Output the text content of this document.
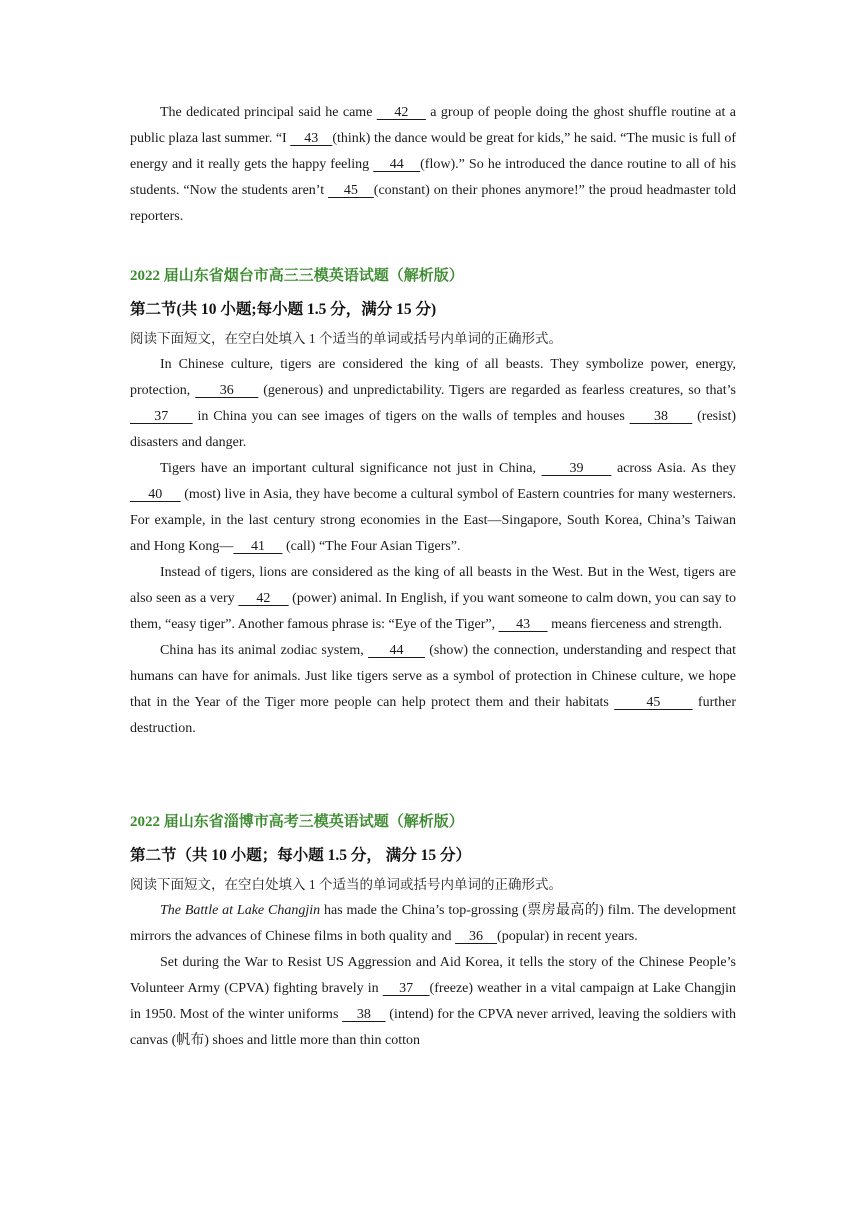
The dedicated principal said he came     42     a group of people doing the ghost shuffle routine at a public plaza last summer. “I     43    (think) the dance would be great for kids,” he said. “The music is full of energy and it really gets the happy feeling     44    (flow).” So he introduced the dance routine to all of his students. “Now the students aren’t     45    (constant) on their phones anymore!” the proud headmaster told reporters.

2022 届山东省烟台市高三三模英语试题（解析版）
第二节(共 10 小题;每小题 1.5 分，满分 15 分)

阅读下面短文，在空白处填入 1 个适当的单词或括号内单词的正确形式。

In Chinese culture, tigers are considered the king of all beasts. They symbolize power, energy, protection,      36      (generous) and unpredictability. Tigers are regarded as fearless creatures, so that’s      37      in China you can see images of tigers on the walls of temples and houses      38      (resist) disasters and danger.

Tigers have an important cultural significance not just in China,      39      across Asia. As they      40      (most) live in Asia, they have become a cultural symbol of Eastern countries for many westerners. For example, in the last century strong economies in the East—Singapore, South Korea, China’s Taiwan and Hong Kong—     41      (call) “The Four Asian Tigers”.

Instead of tigers, lions are considered as the king of all beasts in the West. But in the West, tigers are also seen as a very      42      (power) animal. In English, if you want someone to calm down, you can say to them, “easy tiger”. Another famous phrase is: “Eye of the Tiger”,      43      means fierceness and strength.

China has its animal zodiac system,      44      (show) the connection, understanding and respect that humans can have for animals. Just like tigers serve as a symbol of protection in Chinese culture, we hope that in the Year of the Tiger more people can help protect them and their habitats       45       further destruction.

2022 届山东省淄博市高考三模英语试题（解析版）
第二节（共 10 小题；每小题 1.5 分， 满分 15 分）

阅读下面短文，在空白处填入 1 个适当的单词或括号内单词的正确形式。

The Battle at Lake Changjin has made the China’s top-grossing (票房最高的) film. The development mirrors the advances of Chinese films in both quality and     36    (popular) in recent years.

Set during the War to Resist US Aggression and Aid Korea, it tells the story of the Chinese People’s Volunteer Army (CPVA) fighting bravely in     37    (freeze) weather in a vital campaign at Lake Changjin in 1950. Most of the winter uniforms     38     (intend) for the CPVA never arrived, leaving the soldiers with canvas (帆布) shoes and little more than thin cotton
